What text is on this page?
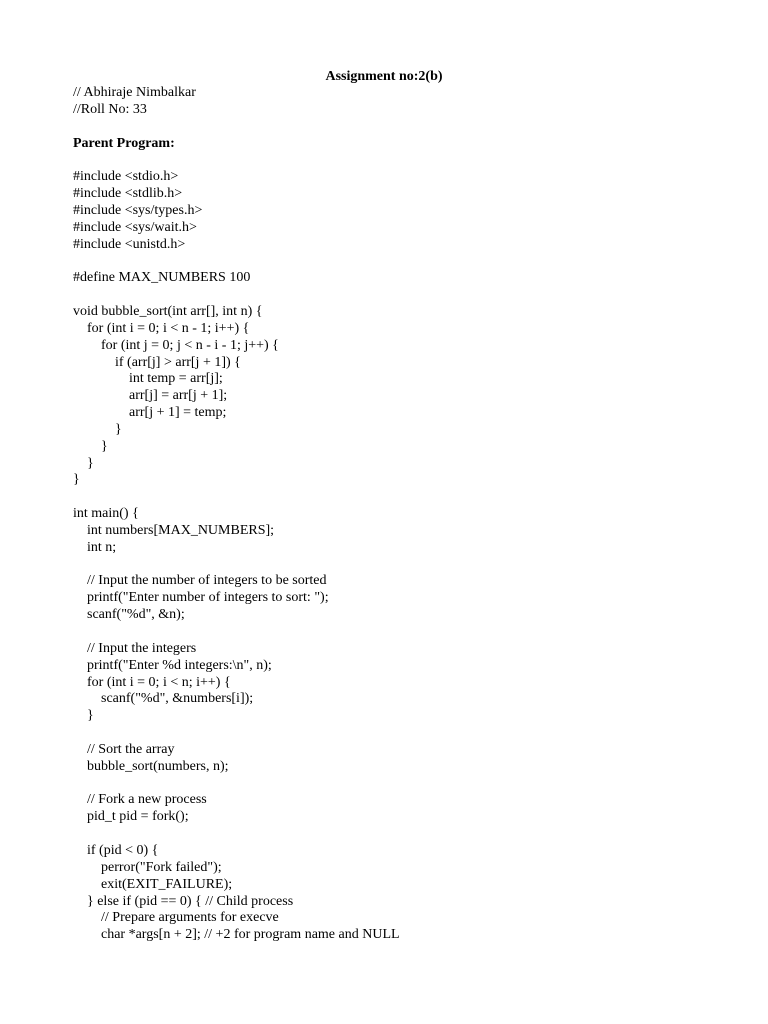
Assignment no:2(b)
// Abhiraje Nimbalkar
//Roll No: 33
Parent Program:
#include <stdio.h>
#include <stdlib.h>
#include <sys/types.h>
#include <sys/wait.h>
#include <unistd.h>
#define MAX_NUMBERS 100
void bubble_sort(int arr[], int n) {
for (int i = 0; i < n - 1; i++) {
for (int j = 0; j < n - i - 1; j++) {
if (arr[j] > arr[j + 1]) {
int temp = arr[j];
arr[j] = arr[j + 1];
arr[j + 1] = temp;
}
}
}
}
int main() {
int numbers[MAX_NUMBERS];
int n;
// Input the number of integers to be sorted
printf("Enter number of integers to sort: ");
scanf("%d", &n);
// Input the integers
printf("Enter %d integers:\n", n);
for (int i = 0; i < n; i++) {
scanf("%d", &numbers[i]);
}
// Sort the array
bubble_sort(numbers, n);
// Fork a new process
pid_t pid = fork();
if (pid < 0) {
perror("Fork failed");
exit(EXIT_FAILURE);
} else if (pid == 0) { // Child process
// Prepare arguments for execve
char *args[n + 2]; // +2 for program name and NULL
